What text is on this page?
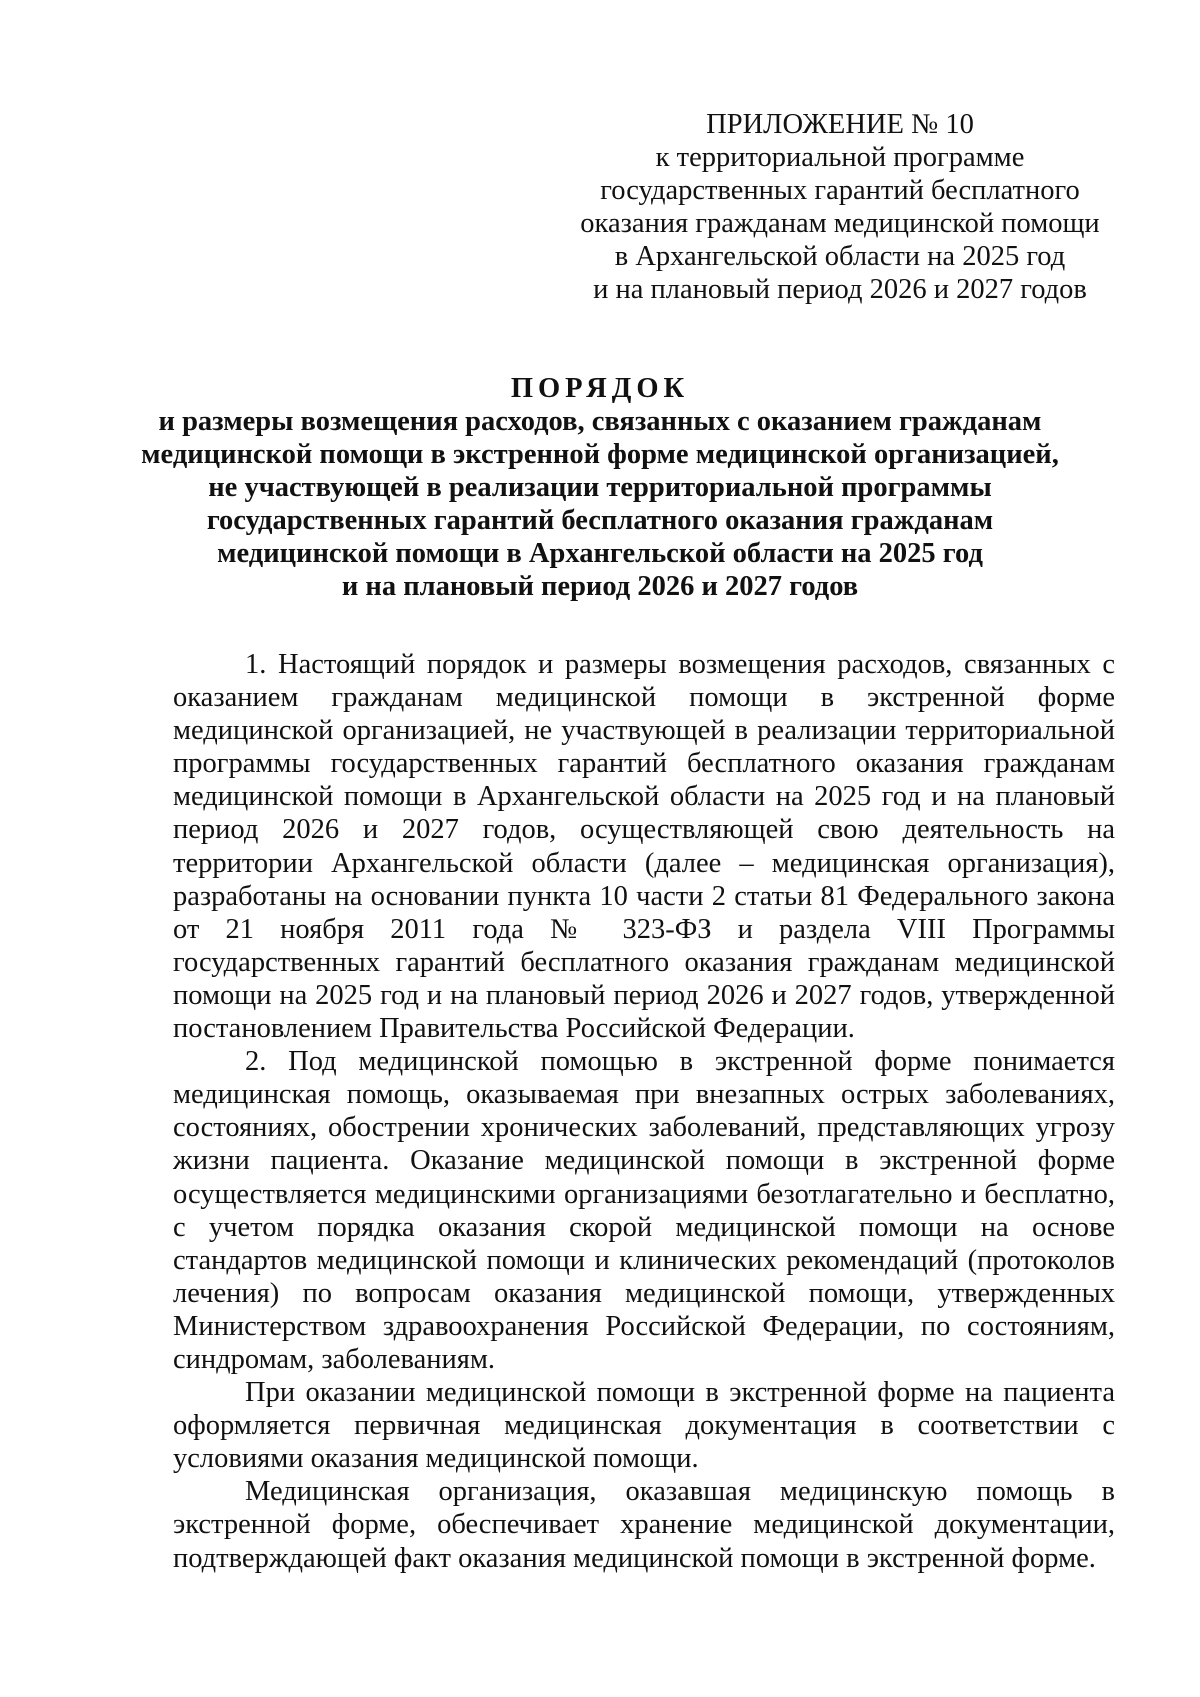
ПРИЛОЖЕНИЕ № 10
к территориальной программе
государственных гарантий бесплатного
оказания гражданам медицинской помощи
в Архангельской области на 2025 год
и на плановый период 2026 и 2027 годов
ПОРЯДОК
и размеры возмещения расходов, связанных с оказанием гражданам
медицинской помощи в экстренной форме медицинской организацией,
не участвующей в реализации территориальной программы
государственных гарантий бесплатного оказания гражданам
медицинской помощи в Архангельской области на 2025 год
и на плановый период 2026 и 2027 годов

1. Настоящий порядок и размеры возмещения расходов, связанных с оказанием гражданам медицинской помощи в экстренной форме медицинской организацией, не участвующей в реализации территориальной программы государственных гарантий бесплатного оказания гражданам медицинской помощи в Архангельской области на 2025 год и на плановый период 2026 и 2027 годов, осуществляющей свою деятельность на территории Архангельской области (далее – медицинская организация), разработаны на основании пункта 10 части 2 статьи 81 Федерального закона от 21 ноября 2011 года № 323-ФЗ и раздела VIII Программы государственных гарантий бесплатного оказания гражданам медицинской помощи на 2025 год и на плановый период 2026 и 2027 годов, утвержденной постановлением Правительства Российской Федерации.

2. Под медицинской помощью в экстренной форме понимается медицинская помощь, оказываемая при внезапных острых заболеваниях, состояниях, обострении хронических заболеваний, представляющих угрозу жизни пациента. Оказание медицинской помощи в экстренной форме осуществляется медицинскими организациями безотлагательно и бесплатно, с учетом порядка оказания скорой медицинской помощи на основе стандартов медицинской помощи и клинических рекомендаций (протоколов лечения) по вопросам оказания медицинской помощи, утвержденных Министерством здравоохранения Российской Федерации, по состояниям, синдромам, заболеваниям.

При оказании медицинской помощи в экстренной форме на пациента оформляется первичная медицинская документация в соответствии с условиями оказания медицинской помощи.

Медицинская организация, оказавшая медицинскую помощь в экстренной форме, обеспечивает хранение медицинской документации, подтверждающей факт оказания медицинской помощи в экстренной форме.
